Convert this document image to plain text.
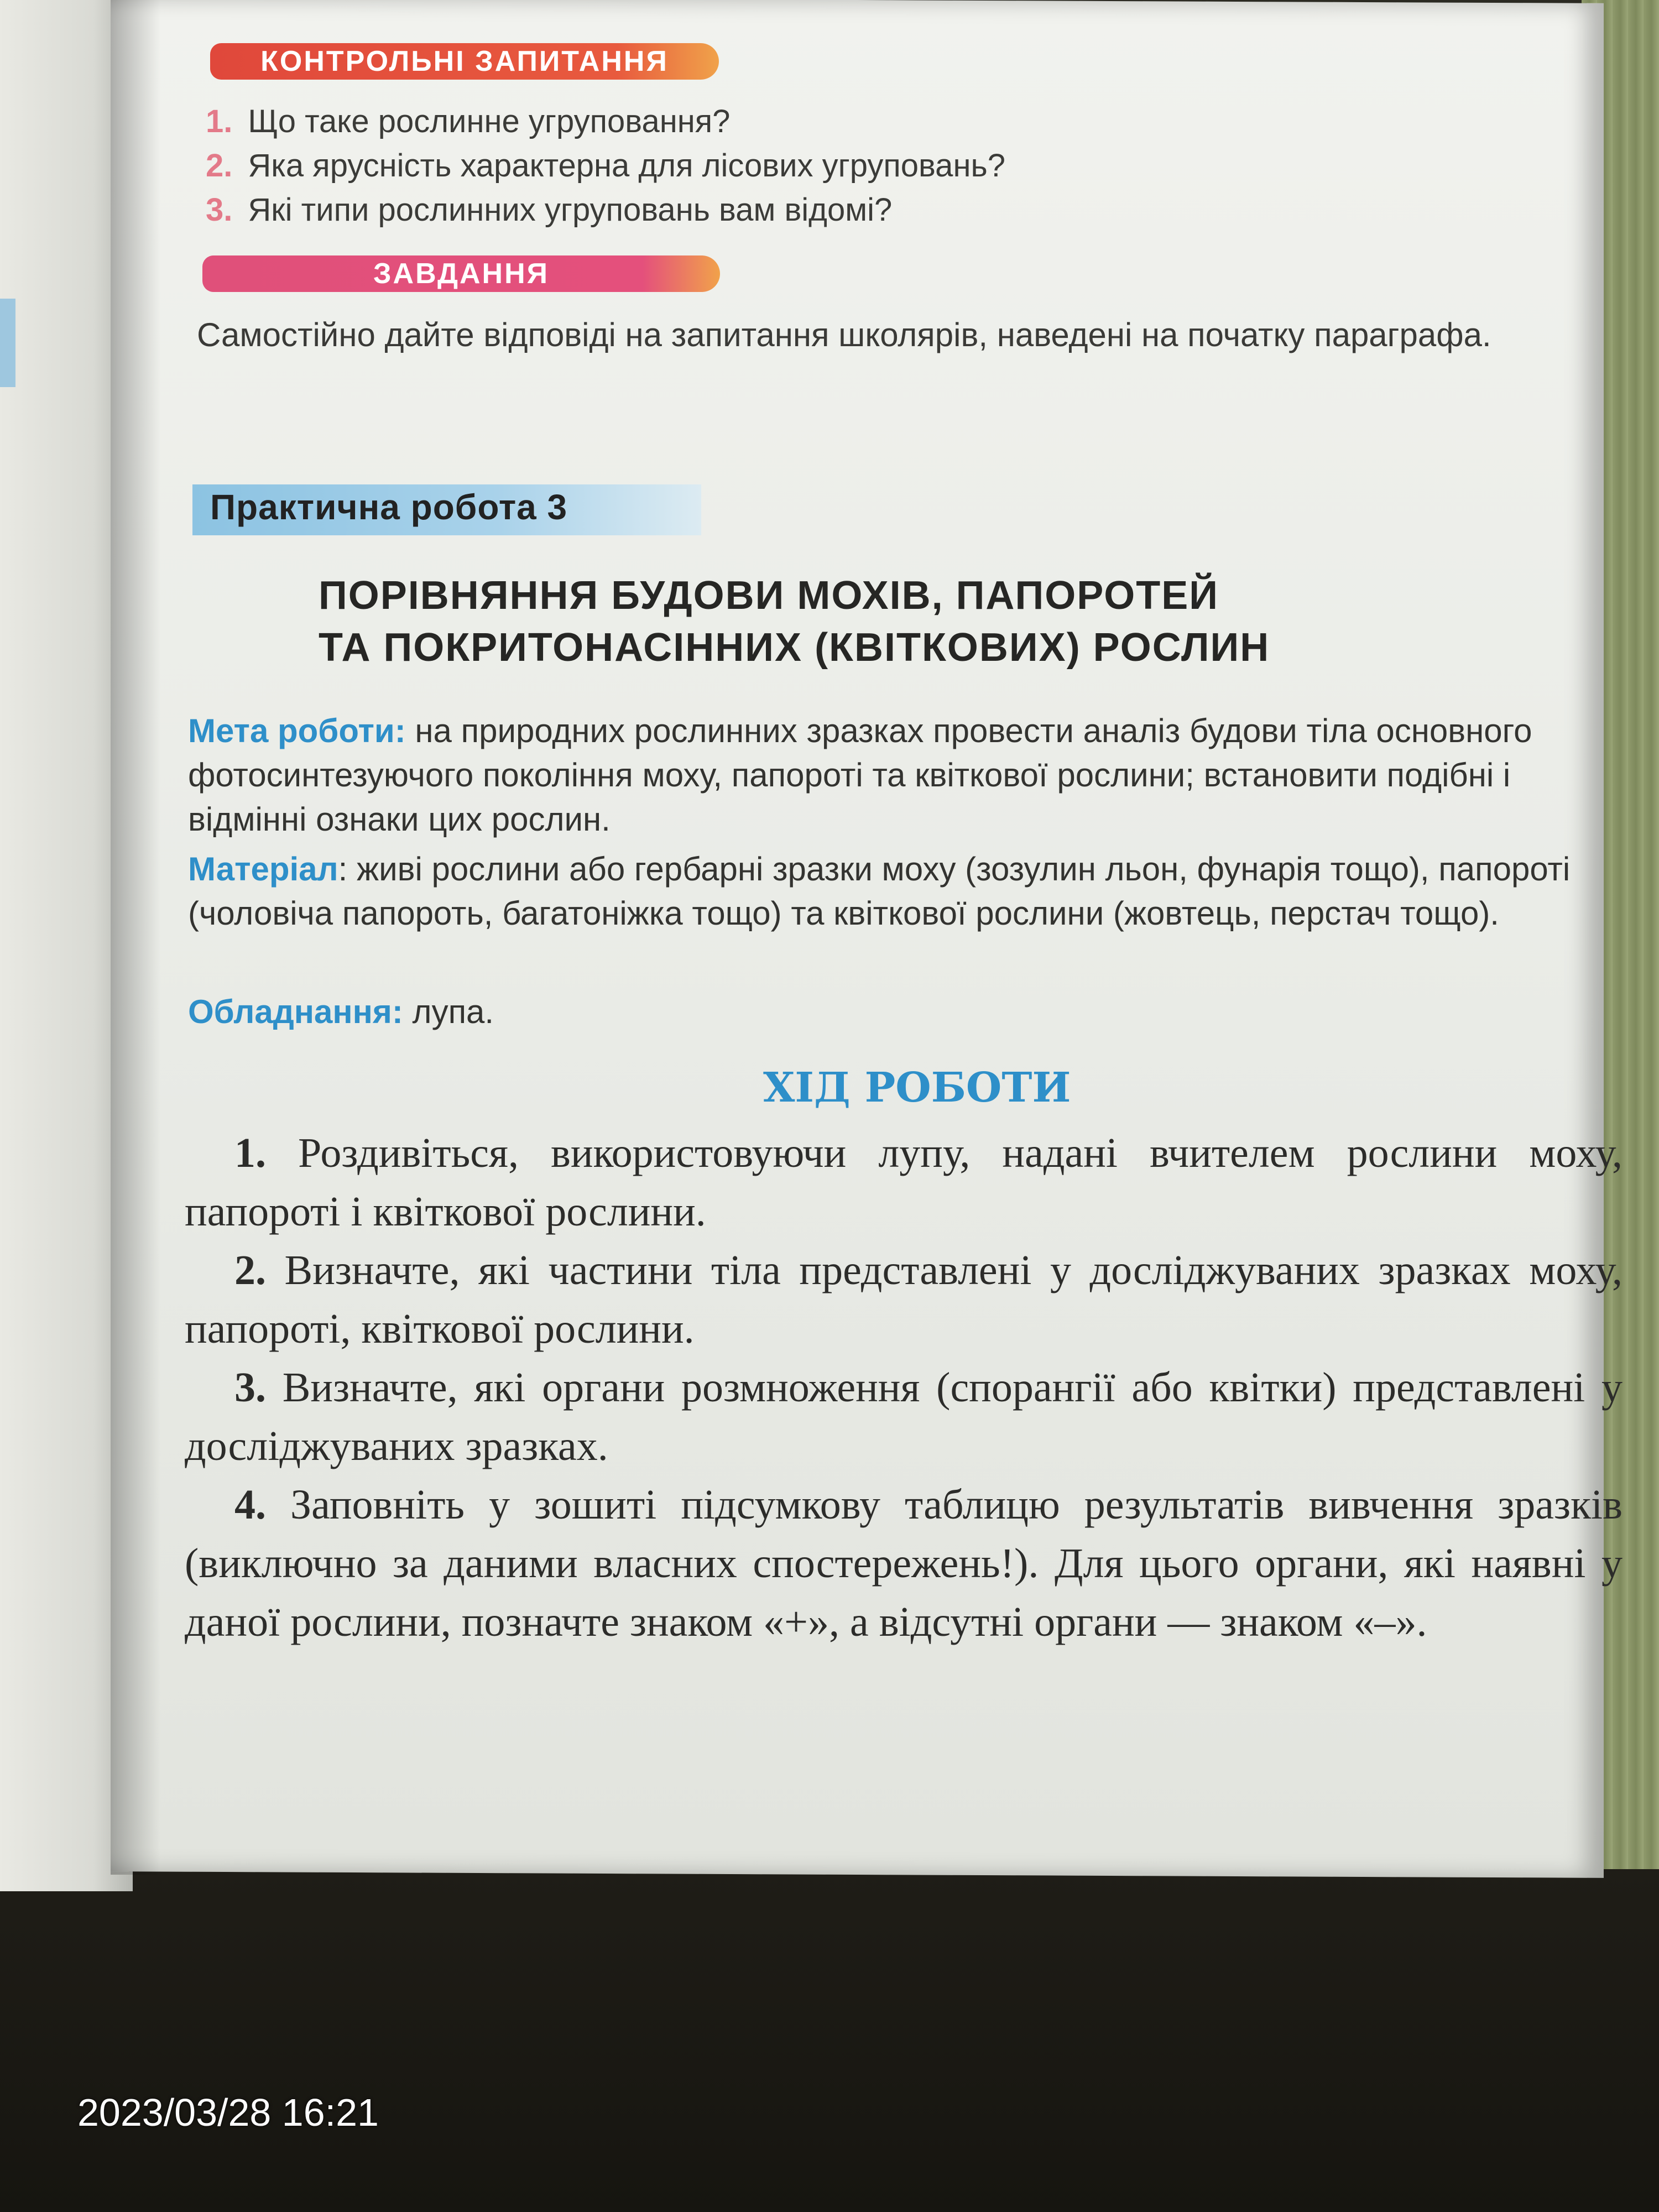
КОНТРОЛЬНІ ЗАПИТАННЯ
1. Що таке рослинне угруповання?
2. Яка ярусність характерна для лісових угруповань?
3. Які типи рослинних угруповань вам відомі?
ЗАВДАННЯ
Самостійно дайте відповіді на запитання школярів, наведені на початку параграфа.
Практична робота 3
ПОРІВНЯННЯ БУДОВИ МОХІВ, ПАПОРОТЕЙ
ТА ПОКРИТОНАСІННИХ (КВІТКОВИХ) РОСЛИН
Мета роботи: на природних рослинних зразках провести аналіз будови тіла основного фотосинтезуючого покоління моху, папороті та квіткової рослини; встановити подібні і відмінні ознаки цих рослин.
Матеріал: живі рослини або гербарні зразки моху (зозулин льон, фунарія тощо), папороті (чоловіча папороть, багатоніжка тощо) та квіткової рослини (жовтець, перстач тощо).
Обладнання: лупа.
ХІД РОБОТИ
1. Роздивіться, використовуючи лупу, надані вчителем рослини моху, папороті і квіткової рослини.
2. Визначте, які частини тіла представлені у досліджуваних зразках моху, папороті, квіткової рослини.
3. Визначте, які органи розмноження (спорангії або квітки) представлені у досліджуваних зразках.
4. Заповніть у зошиті підсумкову таблицю результатів вивчення зразків (виключно за даними власних спостережень!). Для цього органи, які наявні у даної рослини, позначте знаком «+», а відсутні органи — знаком «–».
2023/03/28 16:21
